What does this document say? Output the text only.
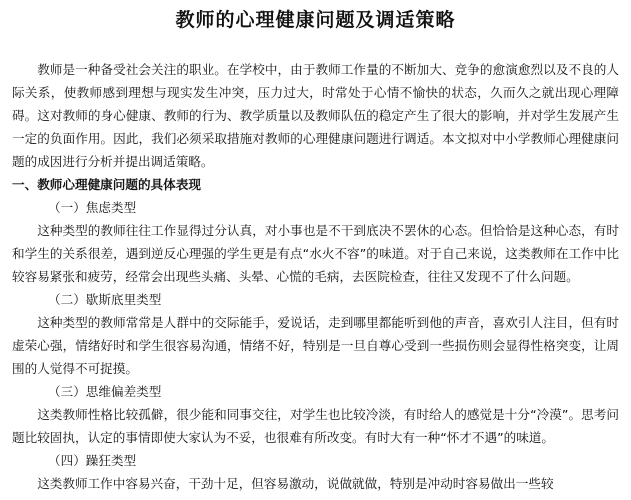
教师的心理健康问题及调适策略

教师是一种备受社会关注的职业。在学校中，由于教师工作量的不断加大、竞争的愈演愈烈以及不良的人际关系，使教师感到理想与现实发生冲突，压力过大，时常处于心情不愉快的状态，久而久之就出现心理障碍。这对教师的身心健康、教师的行为、教学质量以及教师队伍的稳定产生了很大的影响，并对学生发展产生一定的负面作用。因此，我们必须采取措施对教师的心理健康问题进行调适。本文拟对中小学教师心理健康问题的成因进行分析并提出调适策略。

一、教师心理健康问题的具体表现

（一）焦虑类型

这种类型的教师往往工作显得过分认真，对小事也是不干到底决不罢休的心态。但恰恰是这种心态，有时和学生的关系很差，遇到逆反心理强的学生更是有点“水火不容”的味道。对于自己来说，这类教师在工作中比较容易紧张和疲劳，经常会出现些头痛、头晕、心慌的毛病，去医院检查，往往又发现不了什么问题。

（二）歇斯底里类型

这种类型的教师常常是人群中的交际能手，爱说话，走到哪里都能听到他的声音，喜欢引人注目，但有时虚荣心强，情绪好时和学生很容易沟通，情绪不好，特别是一旦自尊心受到一些损伤则会显得性格突变，让周围的人觉得不可捉摸。

（三）思维偏差类型

这类教师性格比较孤僻，很少能和同事交往，对学生也比较冷淡，有时给人的感觉是十分“冷漠”。思考问题比较固执，认定的事情即使大家认为不妥，也很难有所改变。有时大有一种“怀才不遇”的味道。

（四）躁狂类型

这类教师工作中容易兴奋，干劲十足，但容易激动，说做就做，特别是冲动时容易做出一些较
